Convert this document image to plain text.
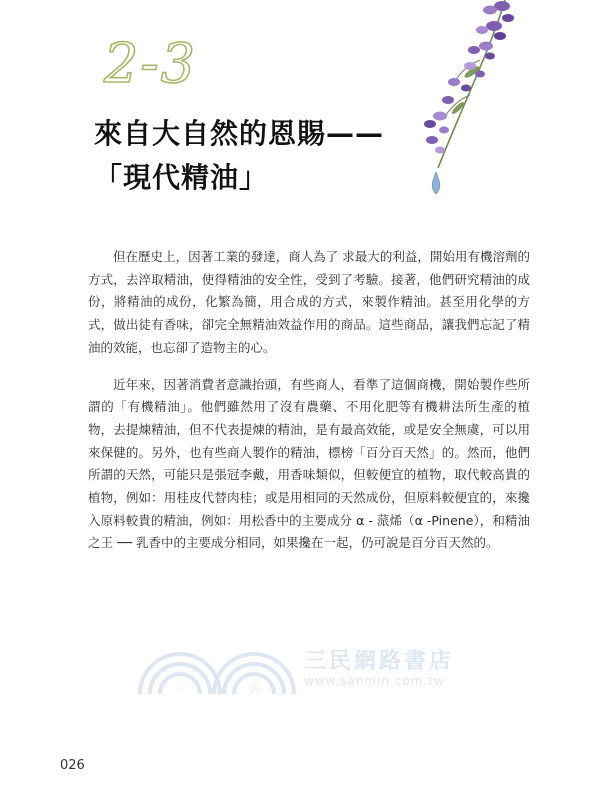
2-3
來自大自然的恩賜——
「現代精油」

但在歷史上，因著工業的發達，商人為了 求最大的利益，開始用有機溶劑的方式，去淬取精油，使得精油的安全性，受到了考驗。接著，他們研究精油的成份，將精油的成份，化繁為簡，用合成的方式，來製作精油。甚至用化學的方式，做出徒有香味，卻完全無精油效益作用的商品。這些商品，讓我們忘記了精油的效能，也忘卻了造物主的心。

近年來，因著消費者意識抬頭，有些商人，看準了這個商機，開始製作些所謂的「有機精油」。他們雖然用了沒有農藥、不用化肥等有機耕法所生產的植物，去提煉精油，但不代表提煉的精油，是有最高效能，或是安全無虞，可以用來保健的。另外，也有些商人製作的精油，標榜「百分百天然」的。然而，他們所謂的天然，可能只是張冠李戴，用香味類似，但較便宜的植物，取代較高貴的植物，例如：用桂皮代替肉桂；或是用相同的天然成份，但原料較便宜的，來攙入原料較貴的精油，例如：用松香中的主要成分 α - 蒎烯（α -Pinene），和精油之王 ── 乳香中的主要成分相同，如果攙在一起，仍可說是百分百天然的。

三	民
三民網路書店
www.sanmin.com.tw
026
